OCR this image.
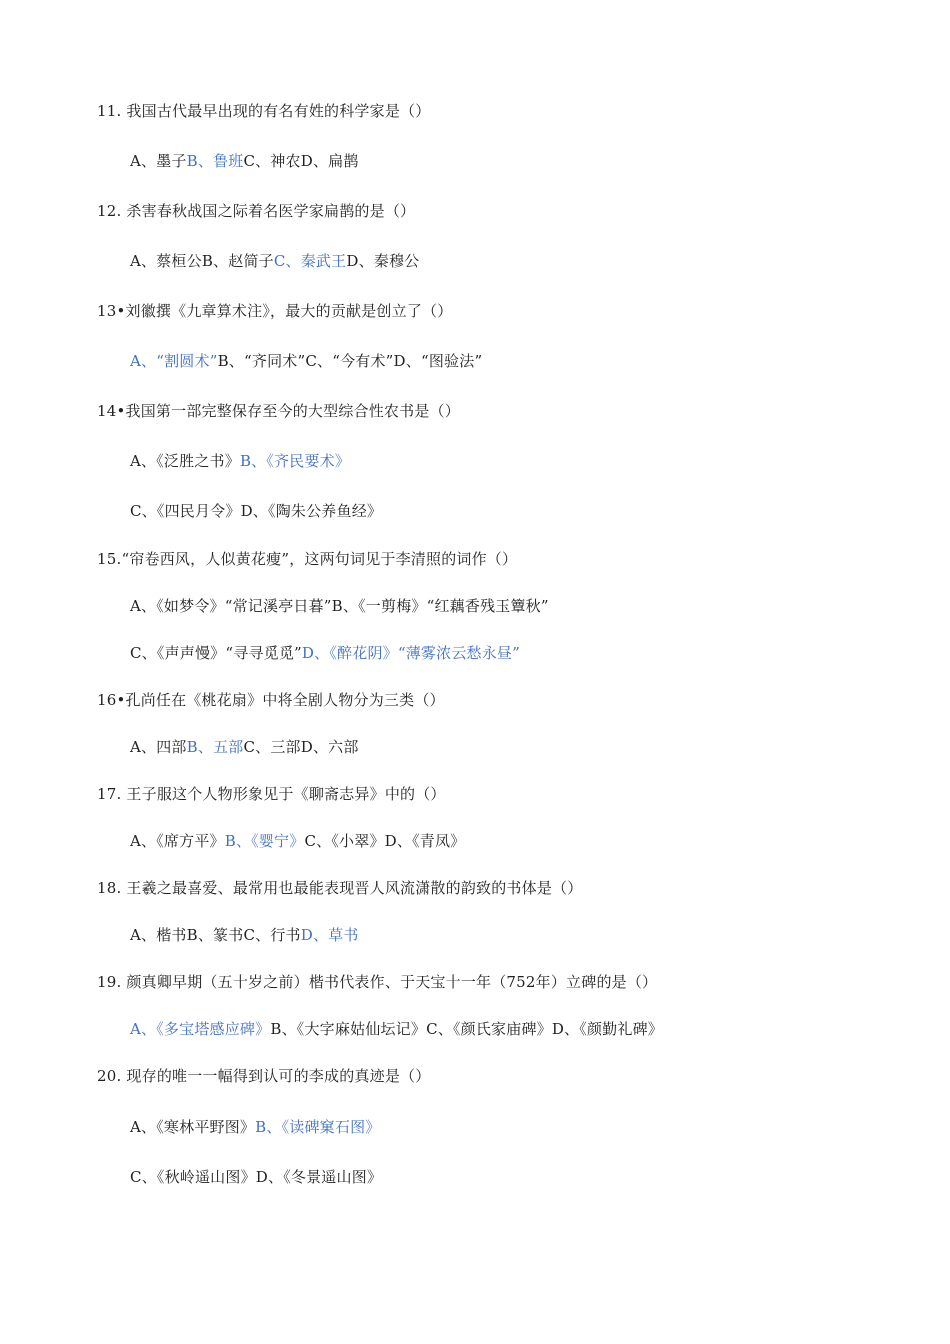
11. 我国古代最早出现的有名有姓的科学家是（）
A、墨子B、鲁班C、神农D、扁鹊
12. 杀害春秋战国之际着名医学家扁鹊的是（）
A、蔡桓公B、赵简子C、秦武王D、秦穆公
13•刘徽撰《九章算术注》，最大的贡献是创立了（）
A、“割圆术”B、“齐同术”C、“今有术”D、“图验法”
14•我国第一部完整保存至今的大型综合性农书是（）
A、《泛胜之书》B、《齐民要术》
C、《四民月令》D、《陶朱公养鱼经》
15.“帘卷西风，人似黄花瘦”，这两句词见于李清照的词作（）
A、《如梦令》“常记溪亭日暮”B、《一剪梅》“红藕香残玉簟秋”
C、《声声慢》“寻寻觅觅”D、《醉花阴》“薄雾浓云愁永昼”
16•孔尚任在《桃花扇》中将全剧人物分为三类（）
A、四部B、五部C、三部D、六部
17. 王子服这个人物形象见于《聊斋志异》中的（）
A、《席方平》B、《婴宁》C、《小翠》D、《青凤》
18. 王羲之最喜爱、最常用也最能表现晋人风流潇散的韵致的书体是（）
A、楷书B、篆书C、行书D、草书
19. 颜真卿早期（五十岁之前）楷书代表作、于天宝十一年（752年）立碑的是（）
A、《多宝塔感应碑》B、《大字麻姑仙坛记》C、《颜氏家庙碑》D、《颜勤礼碑》
20. 现存的唯一一幅得到认可的李成的真迹是（）
A、《寒林平野图》B、《读碑窠石图》
C、《秋岭遥山图》D、《冬景遥山图》
